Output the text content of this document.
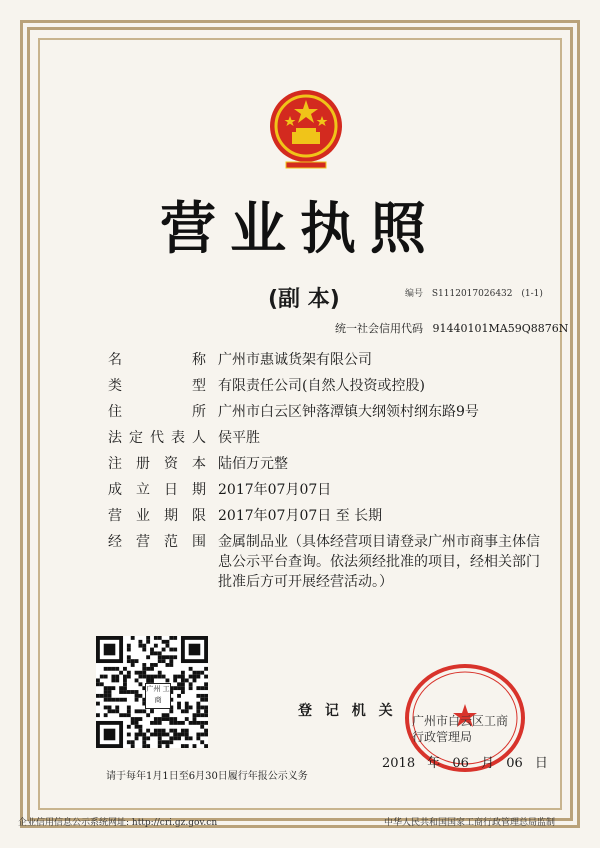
营业执照
(副 本)	编号 S1112017026432 (1-1)
统一社会信用代码 91440101MA59Q8876N
名	称 广州市惠诚货架有限公司
类	型 有限责任公司(自然人投资或控股)
住	所 广州市白云区钟落潭镇大纲领村纲东路9号
法 定 代 表 人 侯平胜
注 册 资 本 陆佰万元整
成 立 日 期 2017年07月07日
营 业 期 限 2017年07月07日 至 长期
经 营 范 围 金属制品业（具体经营项目请登录广州市商事主体信息公示平台查询。依法须经批准的项目，经相关部门批准后方可开展经营活动。）
广州 工商
登 记 机 关
广州市白云区工商行政管理局
2018 年 06 月 06 日
请于每年1月1日至6月30日履行年报公示义务
企业信用信息公示系统网址: http://cri.gz.gov.cn	中华人民共和国国家工商行政管理总局监制
